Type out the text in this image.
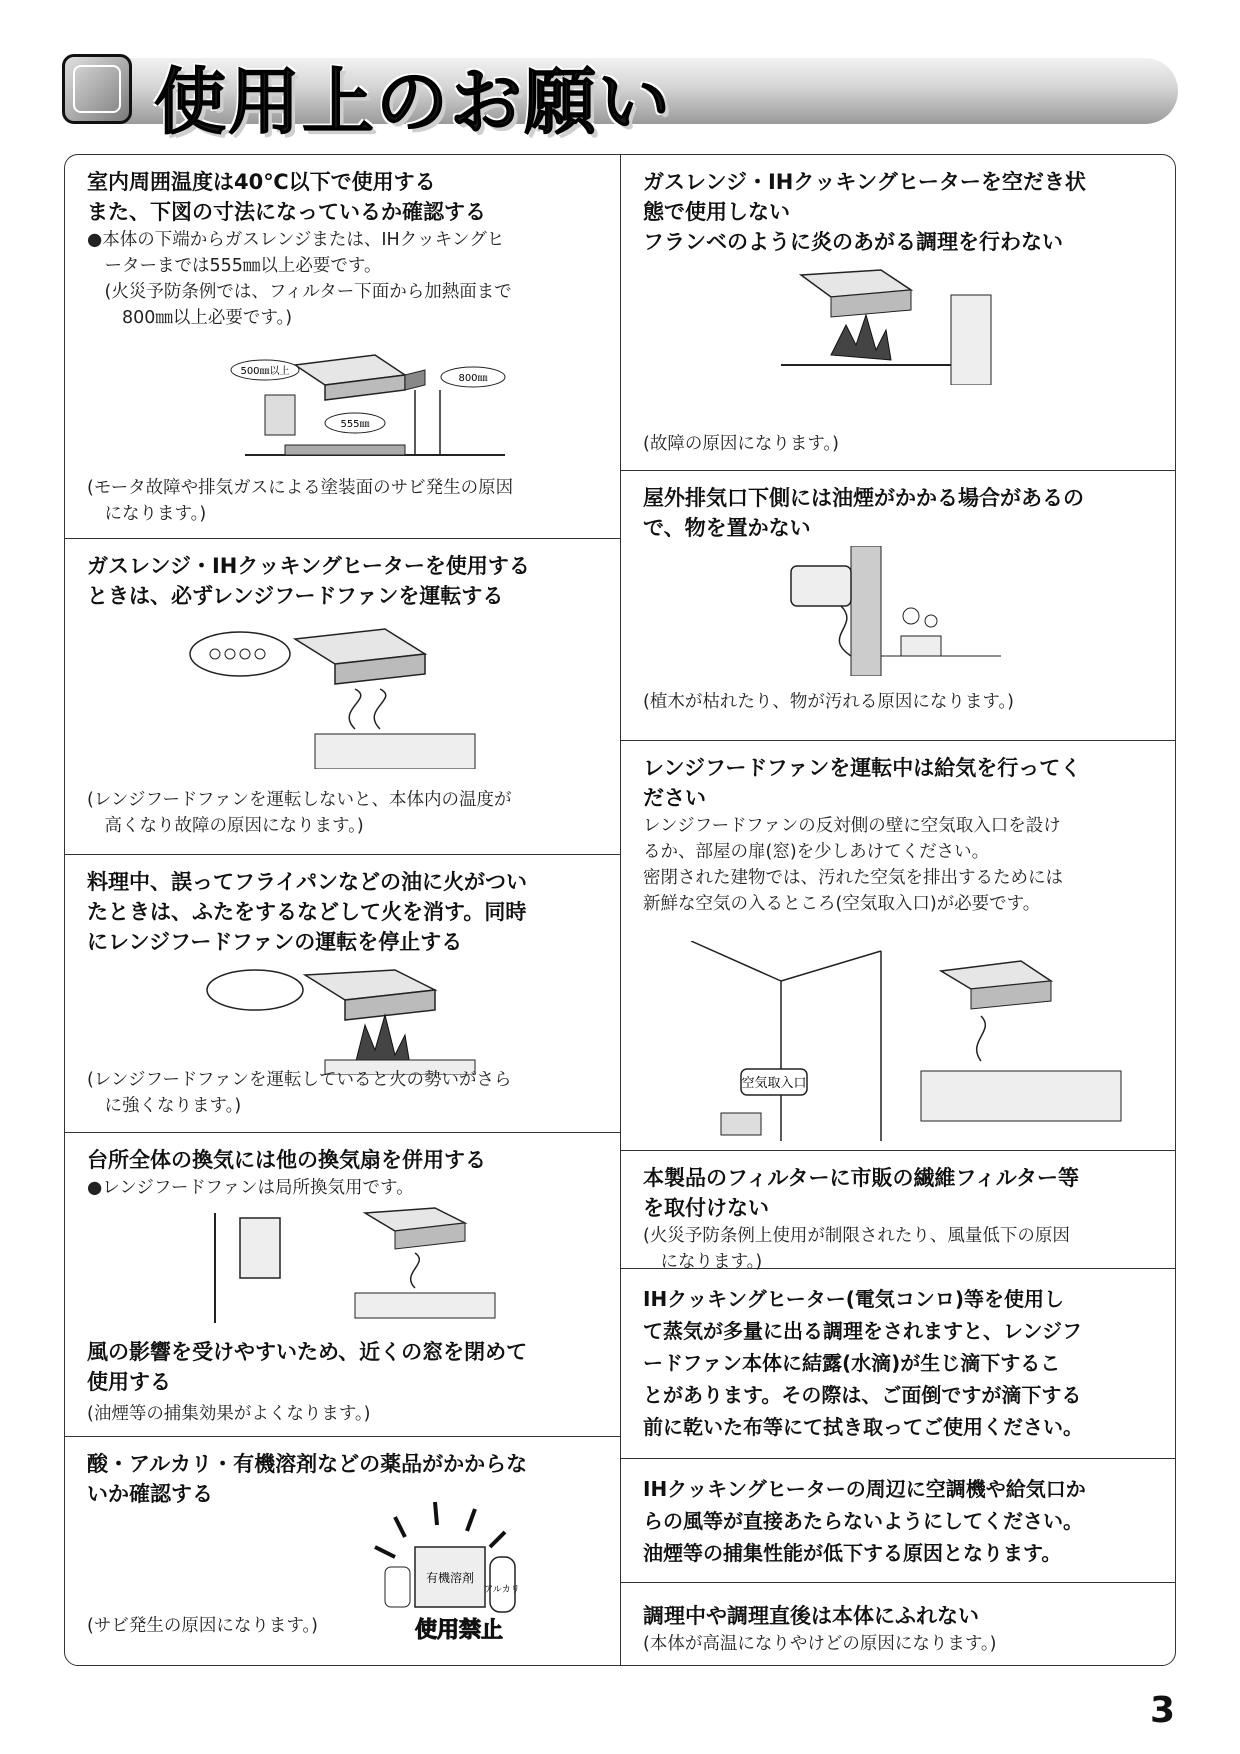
使用上のお願い
室内周囲温度は40℃以下で使用する
また、下図の寸法になっているか確認する
●本体の下端からガスレンジまたは、IHクッキングヒ
　ーターまでは555㎜以上必要です。
　(火災予防条例では、フィルター下面から加熱面まで
　　800㎜以上必要です。)
500㎜以上
800㎜
555㎜
(モータ故障や排気ガスによる塗装面のサビ発生の原因
　になります。)
ガスレンジ・IHクッキングヒーターを使用する
ときは、必ずレンジフードファンを運転する
(レンジフードファンを運転しないと、本体内の温度が
　高くなり故障の原因になります。)
料理中、誤ってフライパンなどの油に火がつい
たときは、ふたをするなどして火を消す。同時
にレンジフードファンの運転を停止する
(レンジフードファンを運転していると火の勢いがさら
　に強くなります。)
台所全体の換気には他の換気扇を併用する
●レンジフードファンは局所換気用です。
風の影響を受けやすいため、近くの窓を閉めて
使用する
(油煙等の捕集効果がよくなります。)
酸・アルカリ・有機溶剤などの薬品がかからな
いか確認する
有機溶剤
アルカリ
使用禁止
(サビ発生の原因になります。)
ガスレンジ・IHクッキングヒーターを空だき状
態で使用しない
フランベのように炎のあがる調理を行わない
(故障の原因になります。)
屋外排気口下側には油煙がかかる場合があるの
で、物を置かない
(植木が枯れたり、物が汚れる原因になります。)
レンジフードファンを運転中は給気を行ってく
ださい
レンジフードファンの反対側の壁に空気取入口を設け
るか、部屋の扉(窓)を少しあけてください。
密閉された建物では、汚れた空気を排出するためには
新鮮な空気の入るところ(空気取入口)が必要です。
空気取入口
本製品のフィルターに市販の繊維フィルター等
を取付けない
(火災予防条例上使用が制限されたり、風量低下の原因
　になります。)
IHクッキングヒーター(電気コンロ)等を使用し
て蒸気が多量に出る調理をされますと、レンジフ
ードファン本体に結露(水滴)が生じ滴下するこ
とがあります。その際は、ご面倒ですが滴下する
前に乾いた布等にて拭き取ってご使用ください。
IHクッキングヒーターの周辺に空調機や給気口か
らの風等が直接あたらないようにしてください。
油煙等の捕集性能が低下する原因となります。
調理中や調理直後は本体にふれない
(本体が高温になりやけどの原因になります。)
3
